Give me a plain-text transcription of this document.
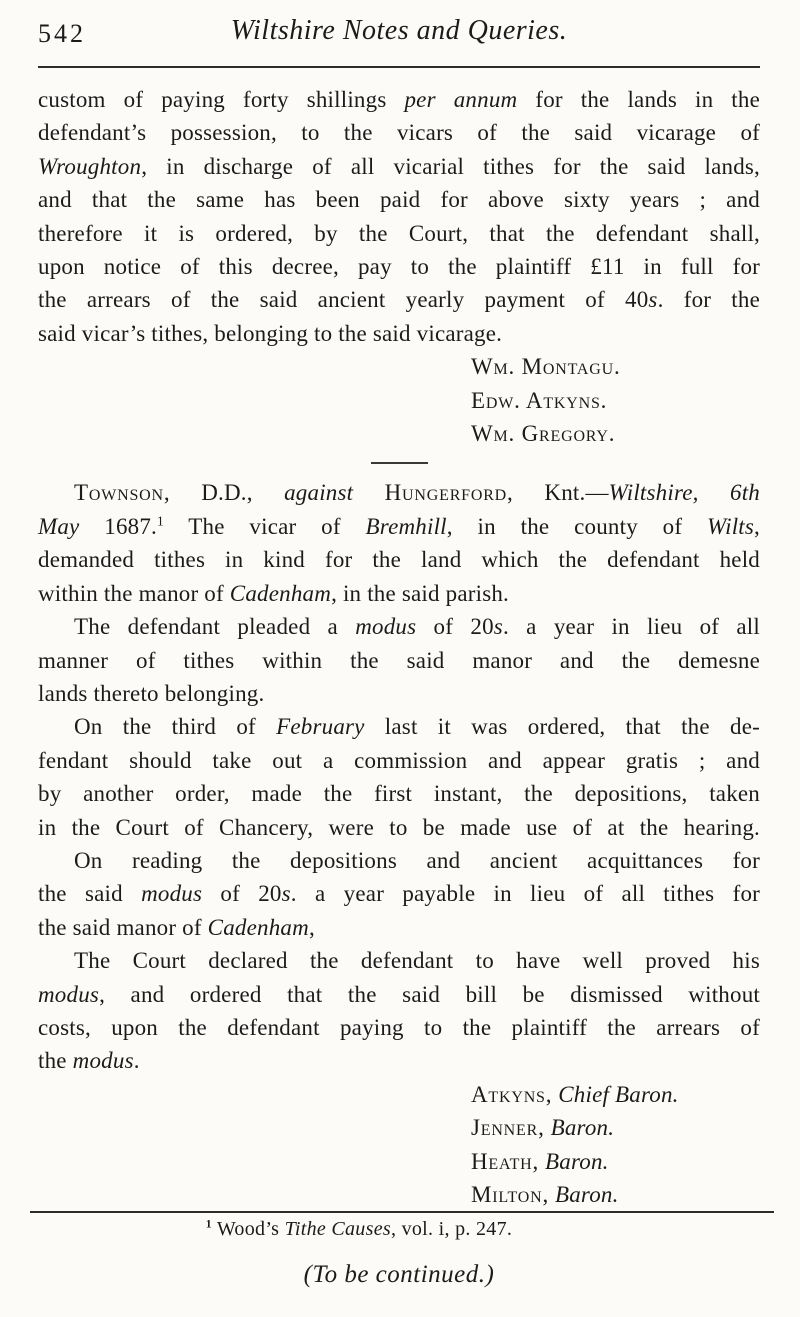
542	Wiltshire Notes and Queries.
custom of paying forty shillings per annum for the lands in the
defendant’s possession, to the vicars of the said vicarage of
Wroughton, in discharge of all vicarial tithes for the said lands,
and that the same has been paid for above sixty years ; and
therefore it is ordered, by the Court, that the defendant shall,
upon notice of this decree, pay to the plaintiff £11 in full for
the arrears of the said ancient yearly payment of 40s. for the
said vicar’s tithes, belonging to the said vicarage.
Wm. Montagu.
Edw. Atkyns.
Wm. Gregory.
Townson, D.D., against Hungerford, Knt.—Wiltshire, 6th
May 1687.$^1$ The vicar of Bremhill, in the county of Wilts,
demanded tithes in kind for the land which the defendant held
within the manor of Cadenham, in the said parish.
The defendant pleaded a modus of 20s. a year in lieu of all
manner of tithes within the said manor and the demesne
lands thereto belonging.
On the third of February last it was ordered, that the de-
fendant should take out a commission and appear gratis ; and
by another order, made the first instant, the depositions, taken
in the Court of Chancery, were to be made use of at the hearing.
On reading the depositions and ancient acquittances for
the said modus of 20s. a year payable in lieu of all tithes for
the said manor of Cadenham,
The Court declared the defendant to have well proved his
modus, and ordered that the said bill be dismissed without
costs, upon the defendant paying to the plaintiff the arrears of
the modus.
Atkyns, Chief Baron.
Jenner, Baron.
Heath, Baron.
Milton, Baron.
$^1$ Wood’s Tithe Causes, vol. i, p. 247.
(To be continued.)
